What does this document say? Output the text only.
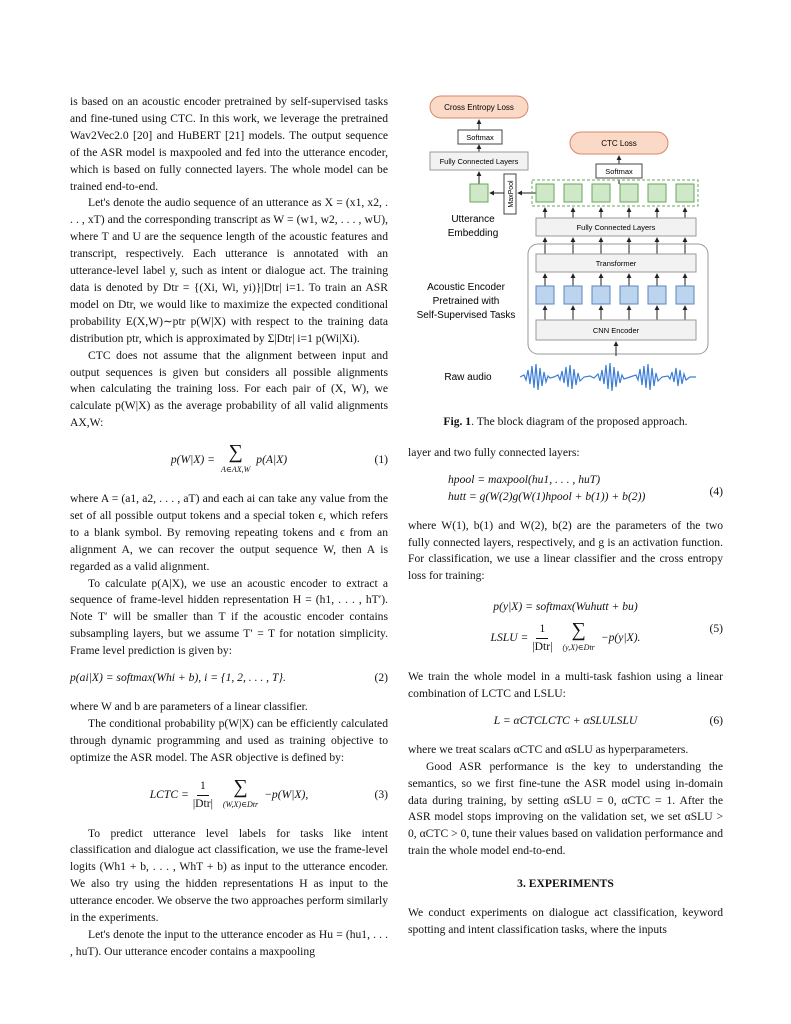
is based on an acoustic encoder pretrained by self-supervised tasks and fine-tuned using CTC. In this work, we leverage the pretrained Wav2Vec2.0 [20] and HuBERT [21] models. The output sequence of the ASR model is maxpooled and fed into the utterance encoder, which is based on fully connected layers. The whole model can be trained end-to-end.

Let's denote the audio sequence of an utterance as X = (x1, x2, . . . , xT) and the corresponding transcript as W = (w1, w2, . . . , wU), where T and U are the sequence length of the acoustic features and transcript, respectively. Each utterance is annotated with an utterance-level label y, such as intent or dialogue act. The training data is denoted by Dtr = {(Xi, Wi, yi)}|Dtr| i=1. To train an ASR model on Dtr, we would like to maximize the expected conditional probability E(X,W)∼ptr p(W|X) with respect to the training data distribution ptr, which is approximated by Σ|Dtr| i=1 p(Wi|Xi).

CTC does not assume that the alignment between input and output sequences is given but considers all possible alignments when calculating the training loss. For each pair of (X, W), we calculate p(W|X) as the average probability of all valid alignments AX,W:

p(W|X) = ∑
A∈AX,W
p(A|X)	(1)

where A = (a1, a2, . . . , aT) and each ai can take any value from the set of all possible output tokens and a special token ϵ, which refers to a blank symbol. By removing repeating tokens and ϵ from an alignment A, we can recover the output sequence W, then A is regarded as a valid alignment.

To calculate p(A|X), we use an acoustic encoder to extract a sequence of frame-level hidden representation H = (h1, . . . , hT′). Note T′ will be smaller than T if the acoustic encoder contains subsampling layers, but we assume T′ = T for notation simplicity. Frame level prediction is given by:

p(ai|X) = softmax(Whi + b), i = {1, 2, . . . , T}.	(2)

where W and b are parameters of a linear classifier.

The conditional probability p(W|X) can be efficiently calculated through dynamic programming and used as training objective to optimize the ASR model. The ASR objective is defined by:

LCTC = $\frac{1}{\text{|Dtr|}}$ ∑
(W,X)∈Dtr
−p(W|X),	(3)

To predict utterance level labels for tasks like intent classification and dialogue act classification, we use the frame-level logits (Wh1 + b, . . . , WhT + b) as input to the utterance encoder. We also try using the hidden representations H as input to the utterance encoder. We observe the two approaches perform similarly in the experiments.

Let's denote the input to the utterance encoder as Hu = (hu1, . . . , huT). Our utterance encoder contains a maxpooling

Cross Entropy Loss
Softmax
Fully Connected Layers
MaxPool
Utterance
Embedding
CTC Loss
Softmax
Fully Connected Layers
Transformer
CNN Encoder
Acoustic Encoder
Pretrained with
Self-Supervised Tasks
Raw audio
Fig. 1. The block diagram of the proposed approach.

layer and two fully connected layers:

hpool = maxpool(hu1, . . . , huT)
hutt = g(W(2)g(W(1)hpool + b(1)) + b(2))	(4)

where W(1), b(1) and W(2), b(2) are the parameters of the two fully connected layers, respectively, and g is an activation function. For classification, we use a linear classifier and the cross entropy loss for training:

p(y|X) = softmax(Wuhutt + bu)
LSLU = $\frac{1}{\text{|Dtr|}}$ ∑
(y,X)∈Dtr
−p(y|X).
(5)

We train the whole model in a multi-task fashion using a linear combination of LCTC and LSLU:

L = αCTCLCTC + αSLULSLU	(6)

where we treat scalars αCTC and αSLU as hyperparameters.

Good ASR performance is the key to understanding the semantics, so we first fine-tune the ASR model using in-domain data during training, by setting αSLU = 0, αCTC = 1. After the ASR model stops improving on the validation set, we set αSLU > 0, αCTC > 0, tune their values based on validation performance and train the whole model end-to-end.

3. EXPERIMENTS

We conduct experiments on dialogue act classification, keyword spotting and intent classification tasks, where the inputs
